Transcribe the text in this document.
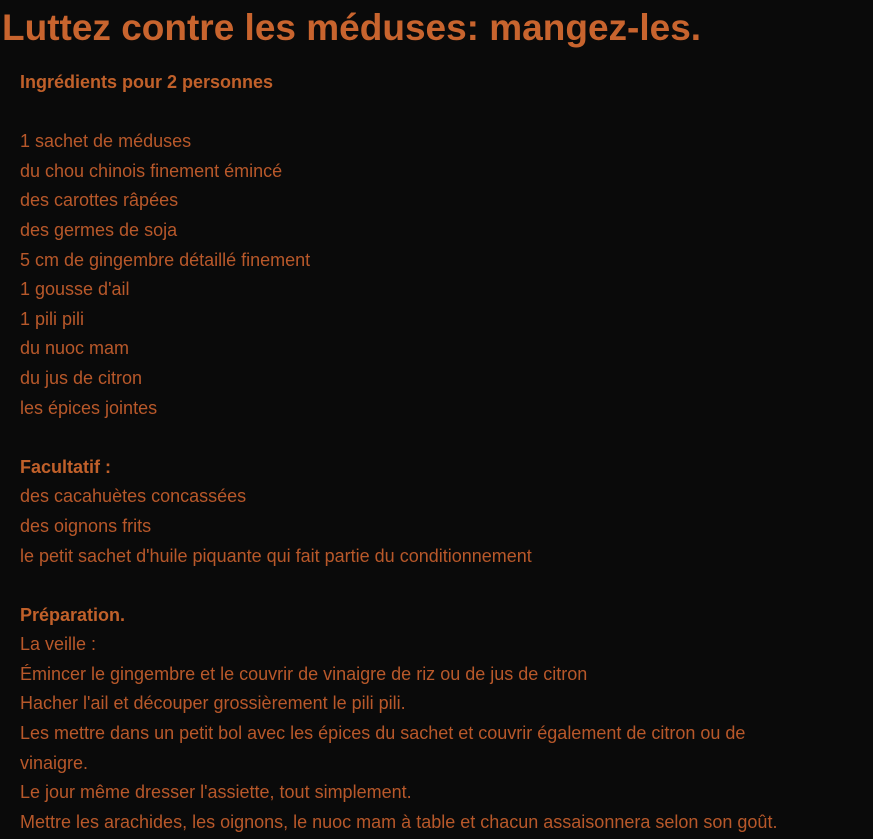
Luttez contre les méduses: mangez-les.
Ingrédients pour 2 personnes
1 sachet de méduses
du chou chinois finement émincé
des carottes râpées
des germes de soja
5 cm de gingembre détaillé finement
1 gousse d'ail
1 pili pili
du nuoc mam
du jus de citron
les épices jointes
Facultatif :
des cacahuètes concassées
des oignons frits
le petit sachet d'huile piquante qui fait partie du conditionnement
Préparation.
La veille :
Émincer le gingembre et le couvrir de vinaigre de riz ou de jus de citron
Hacher l'ail et découper grossièrement le pili pili.
Les mettre dans un petit bol avec les épices du sachet et couvrir également de citron ou de
vinaigre.
Le jour même dresser l'assiette, tout simplement.
Mettre les arachides, les oignons, le nuoc mam à table et chacun assaisonnera selon son goût.
